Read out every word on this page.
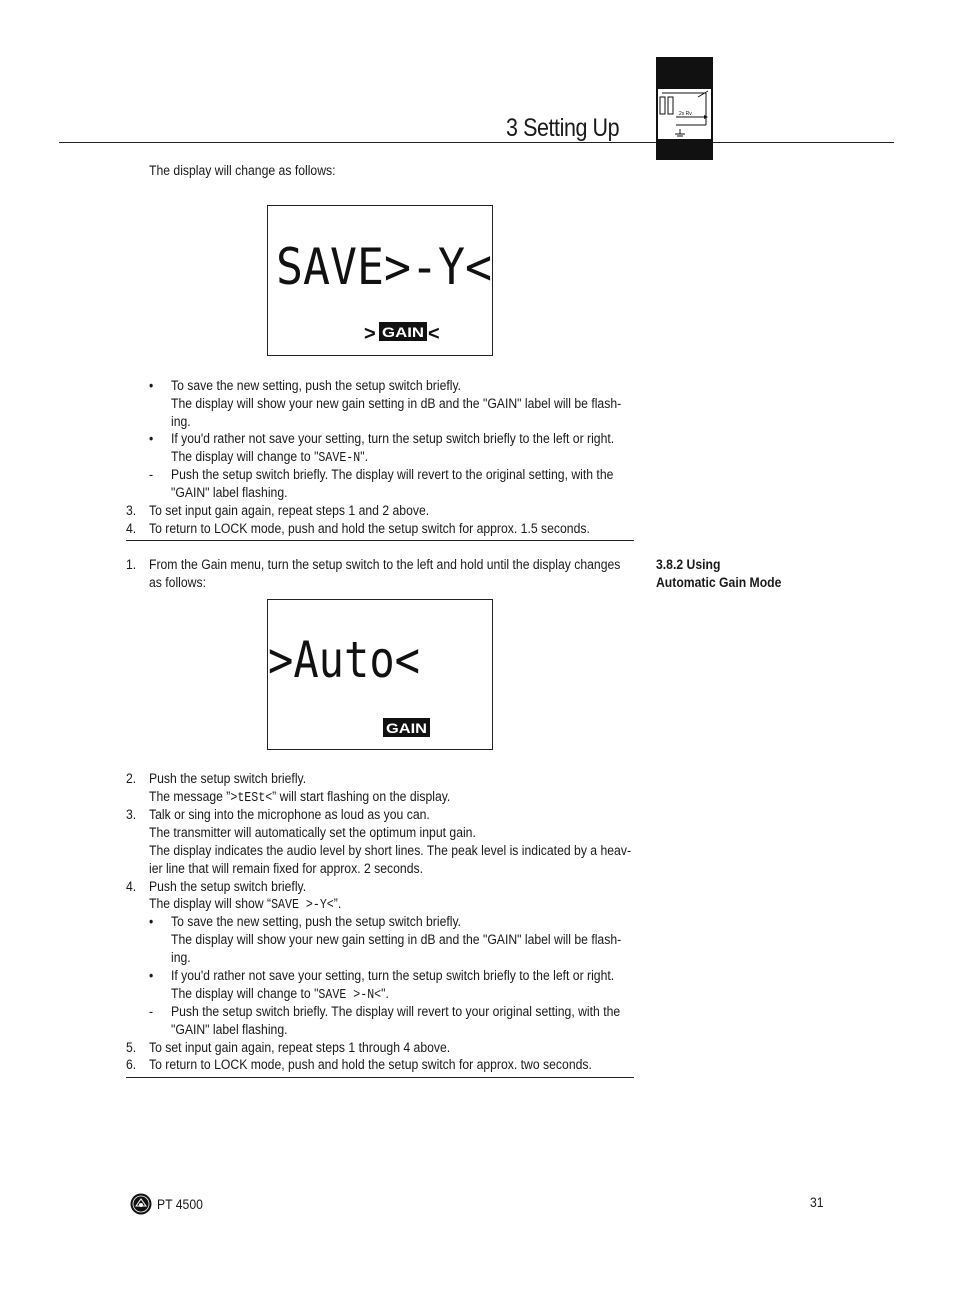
3 Setting Up	2x Rv
The display will change as follows:
SAVE>-Y<
> GAIN <
• To save the new setting, push the setup switch briefly.
The display will show your new gain setting in dB and the "GAIN" label will be flash-
ing.
• If you'd rather not save your setting, turn the setup switch briefly to the left or right.
The display will change to "SAVE-N".
- Push the setup switch briefly. The display will revert to the original setting, with the
"GAIN" label flashing.
3. To set input gain again, repeat steps 1 and 2 above.
4. To return to LOCK mode, push and hold the setup switch for approx. 1.5 seconds.
3.8.2 Using
Automatic Gain Mode
1. From the Gain menu, turn the setup switch to the left and hold until the display changes
as follows:
>Auto<
GAIN
2. Push the setup switch briefly.
The message ”>tESt<” will start flashing on the display.
3. Talk or sing into the microphone as loud as you can.
The transmitter will automatically set the optimum input gain.
The display indicates the audio level by short lines. The peak level is indicated by a heav-
ier line that will remain fixed for approx. 2 seconds.
4. Push the setup switch briefly.
The display will show “SAVE >-Y<”.
• To save the new setting, push the setup switch briefly.
The display will show your new gain setting in dB and the "GAIN" label will be flash-
ing.
• If you'd rather not save your setting, turn the setup switch briefly to the left or right.
The display will change to "SAVE >-N<".
- Push the setup switch briefly. The display will revert to your original setting, with the
"GAIN" label flashing.
5. To set input gain again, repeat steps 1 through 4 above.
6. To return to LOCK mode, push and hold the setup switch for approx. two seconds.
PT 4500	31
